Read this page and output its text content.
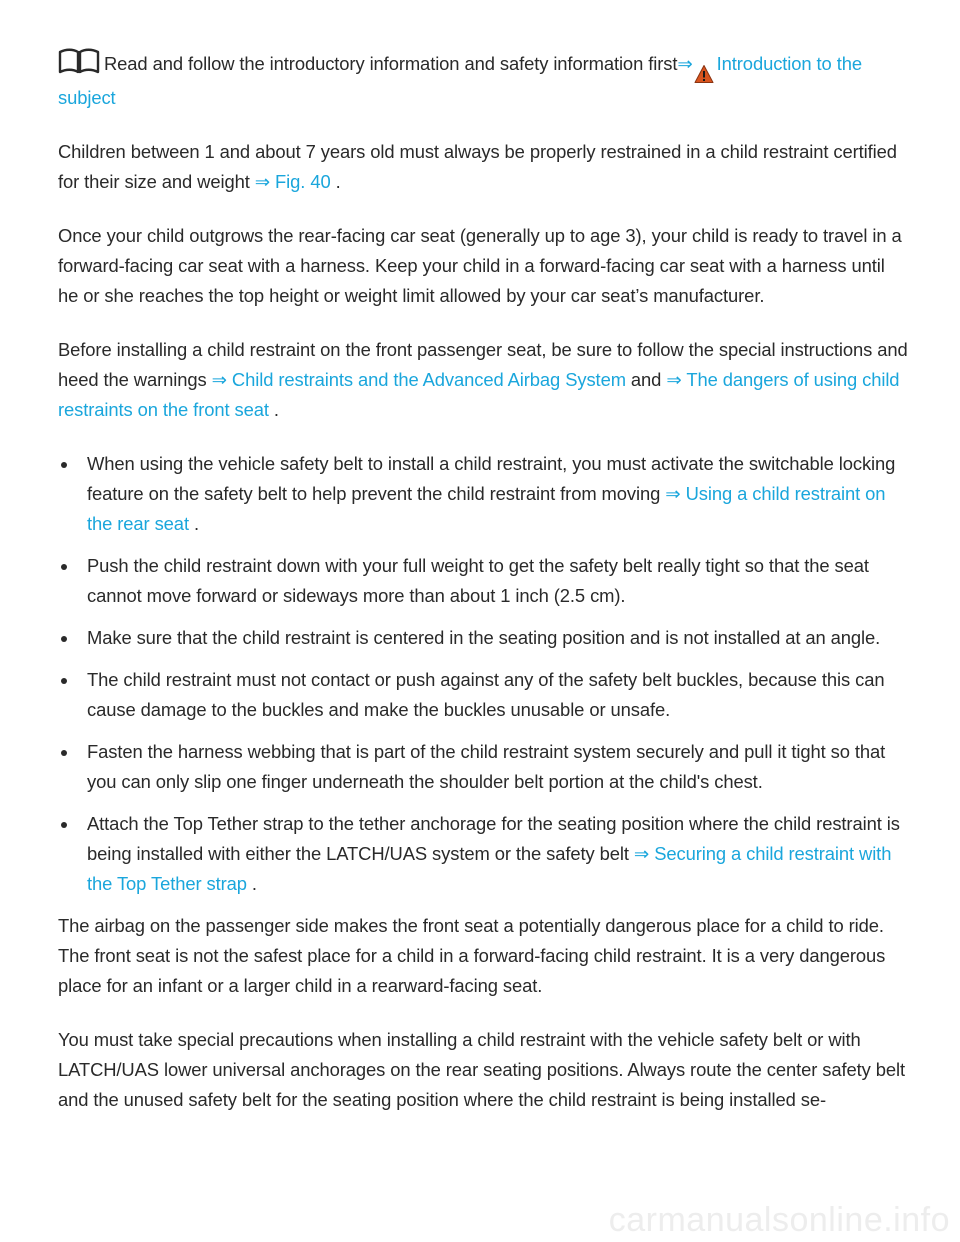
Read and follow the introductory information and safety information first⇒ Introduction to the subject

Children between 1 and about 7 years old must always be properly restrained in a child restraint certified for their size and weight ⇒ Fig. 40 .

Once your child outgrows the rear-facing car seat (generally up to age 3), your child is ready to travel in a forward-facing car seat with a harness. Keep your child in a forward-facing car seat with a harness until he or she reaches the top height or weight limit allowed by your car seat’s manufacturer.

Before installing a child restraint on the front passenger seat, be sure to follow the special instructions and heed the warnings ⇒ Child restraints and the Advanced Airbag System and ⇒ The dangers of using child restraints on the front seat .

When using the vehicle safety belt to install a child restraint, you must activate the switchable locking feature on the safety belt to help prevent the child restraint from moving ⇒ Using a child restraint on the rear seat .
Push the child restraint down with your full weight to get the safety belt really tight so that the seat cannot move forward or sideways more than about 1 inch (2.5 cm).
Make sure that the child restraint is centered in the seating position and is not installed at an angle.
The child restraint must not contact or push against any of the safety belt buckles, because this can cause damage to the buckles and make the buckles unusable or unsafe.
Fasten the harness webbing that is part of the child restraint system securely and pull it tight so that you can only slip one finger underneath the shoulder belt portion at the child's chest.
Attach the Top Tether strap to the tether anchorage for the seating position where the child restraint is being installed with either the LATCH/UAS system or the safety belt ⇒ Securing a child restraint with the Top Tether strap .

The airbag on the passenger side makes the front seat a potentially dangerous place for a child to ride. The front seat is not the safest place for a child in a forward-facing child restraint. It is a very dangerous place for an infant or a larger child in a rearward-facing seat.

You must take special precautions when installing a child restraint with the vehicle safety belt or with LATCH/UAS lower universal anchorages on the rear seating positions. Always route the center safety belt and the unused safety belt for the seating position where the child restraint is being installed se-

carmanualsonline.info
